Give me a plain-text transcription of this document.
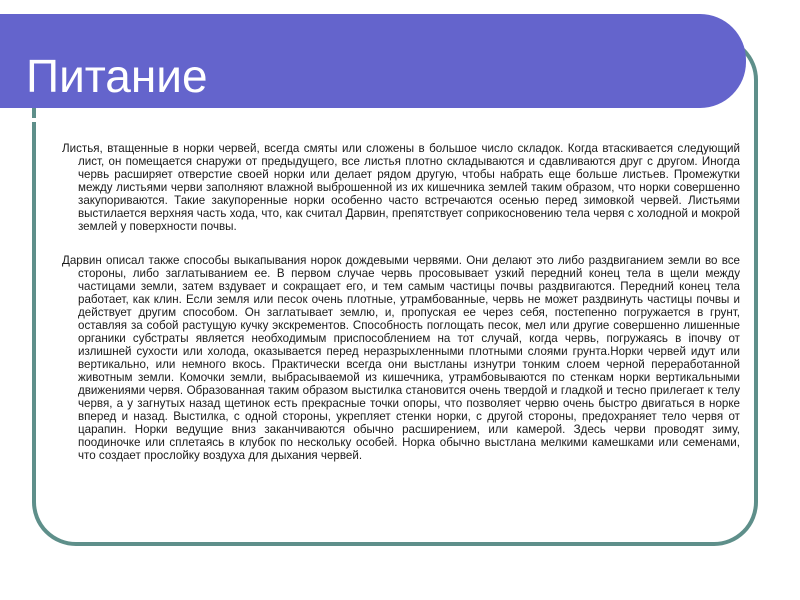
Питание

Листья, втащенные в норки червей, всегда смяты или сложены в большое число складок. Когда втаскивается следующий лист, он помещается снаружи от предыдущего, все листья плотно складываются и сдавливаются друг с другом. Иногда червь расширяет отверстие своей норки или делает рядом другую, чтобы набрать еще больше листьев. Промежутки между листьями черви заполняют влажной выброшенной из их кишечника землей таким образом, что норки совершенно закупориваются. Такие закупоренные норки особенно часто встречаются осенью перед зимовкой червей. Листьями выстилается верхняя часть хода, что, как считал Дарвин, препятствует соприкосновению тела червя с холодной и мокрой землей у поверхности почвы.

Дарвин описал также способы выкапывания норок дождевыми червями. Они делают это либо раздвиганием земли во все стороны, либо заглатыванием ее. В первом случае червь просовывает узкий передний конец тела в щели между частицами земли, затем вздувает и сокращает его, и тем самым частицы почвы раздвигаются. Передний конец тела работает, как клин. Если земля или песок очень плотные, утрамбованные, червь не может раздвинуть частицы почвы и действует другим способом. Он заглатывает землю, и, пропуская ее через себя, постепенно погружается в грунт, оставляя за собой растущую кучку экскрементов. Способность поглощать песок, мел или другие совершенно лишенные органики субстраты является необходимым приспособлением на тот случай, когда червь, погружаясь в iпочву от излишней сухости или холода, оказывается перед неразрыхленными плотными слоями грунта.Норки червей идут или вертикально, или немного вкось. Практически всегда они выстланы изнутри тонким слоем черной переработанной животным земли. Комочки земли, выбрасываемой из кишечника, утрамбовываются по стенкам норки вертикальными движениями червя. Образованная таким образом выстилка становится очень твердой и гладкой и тесно прилегает к телу червя, а у загнутых назад щетинок есть прекрасные точки опоры, что позволяет червю очень быстро двигаться в норке вперед и назад. Выстилка, с одной стороны, укрепляет стенки норки, с другой стороны, предохраняет тело червя от царапин. Норки ведущие вниз заканчиваются обычно расширением, или камерой. Здесь черви проводят зиму, поодиночке или сплетаясь в клубок по нескольку особей. Норка обычно выстлана мелкими камешками или семенами, что создает прослойку воздуха для дыхания червей.
